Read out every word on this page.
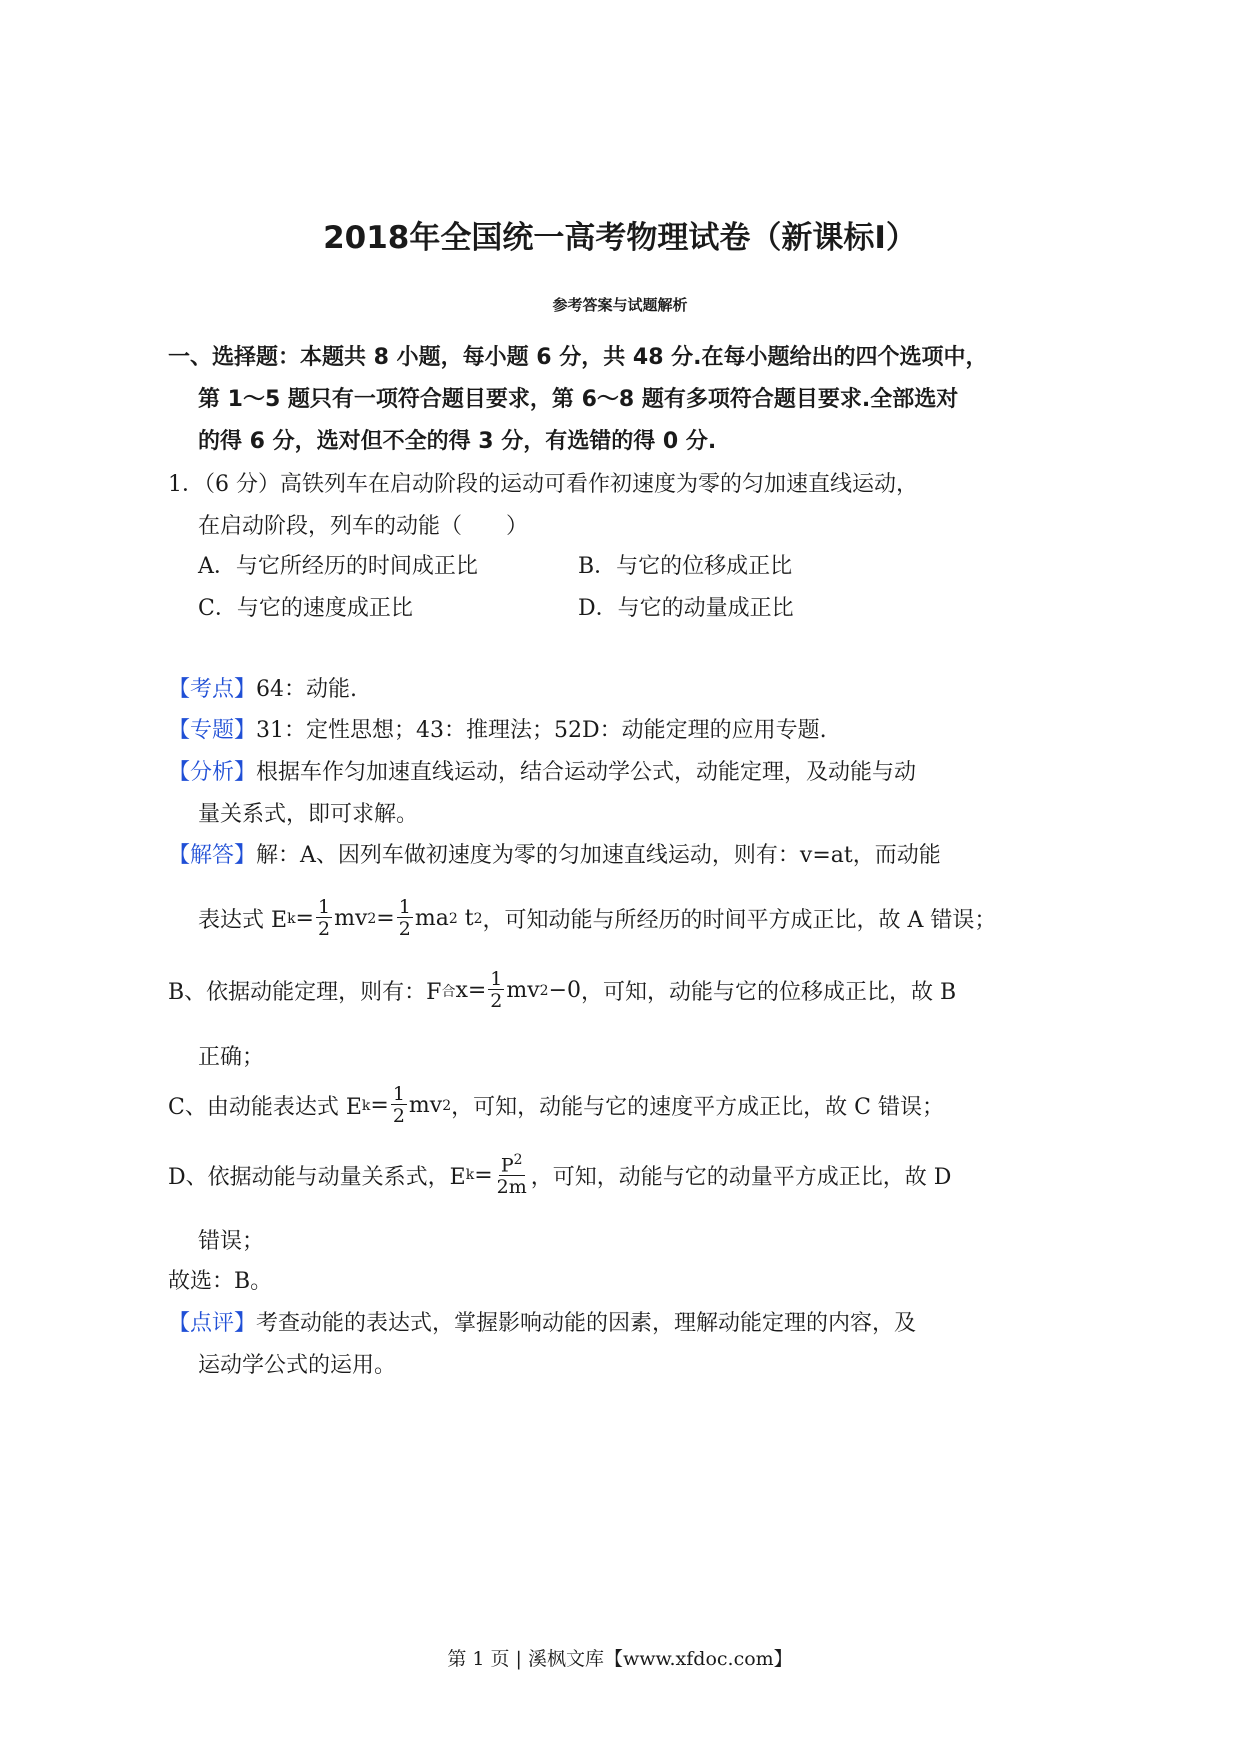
2018年全国统一高考物理试卷（新课标Ⅰ）
参考答案与试题解析
一、选择题：本题共 8 小题，每小题 6 分，共 48 分.在每小题给出的四个选项中，
第 1～5 题只有一项符合题目要求，第 6～8 题有多项符合题目要求.全部选对
的得 6 分，选对但不全的得 3 分，有选错的得 0 分.
1．（6 分）高铁列车在启动阶段的运动可看作初速度为零的匀加速直线运动，
在启动阶段，列车的动能（　　）
A．与它所经历的时间成正比	B．与它的位移成正比
C．与它的速度成正比	D．与它的动量成正比
【考点】64：动能.
【专题】31：定性思想；43：推理法；52D：动能定理的应用专题.
【分析】根据车作匀加速直线运动，结合运动学公式，动能定理，及动能与动
量关系式，即可求解。
【解答】解：A、因列车做初速度为零的匀加速直线运动，则有：v=at，而动能
表达式 E $k = \frac{1}{2}$ mv $2 = \frac{1}{2}$ ma 2
t 2 ，可知动能与所经历的时间平方成正比，故 A 错误；
B、依据动能定理，则有：F 合 $x= \frac{1}{2}$ mv 2 −0 ，可知，动能与它的位移成正比，故 B
正确；
C、由动能表达式 E $k = \frac{1}{2}$ mv 2 ，可知，动能与它的速度平方成正比，故 C 错误；
D、依据动能与动量关系式，E $k = \frac{P^2}{2m}$ ，可知，动能与它的动量平方成正比，故 D
错误；
故选：B。
【点评】考查动能的表达式，掌握影响动能的因素，理解动能定理的内容，及
运动学公式的运用。
第 1 页 | 溪枫文库【www.xfdoc.com】
